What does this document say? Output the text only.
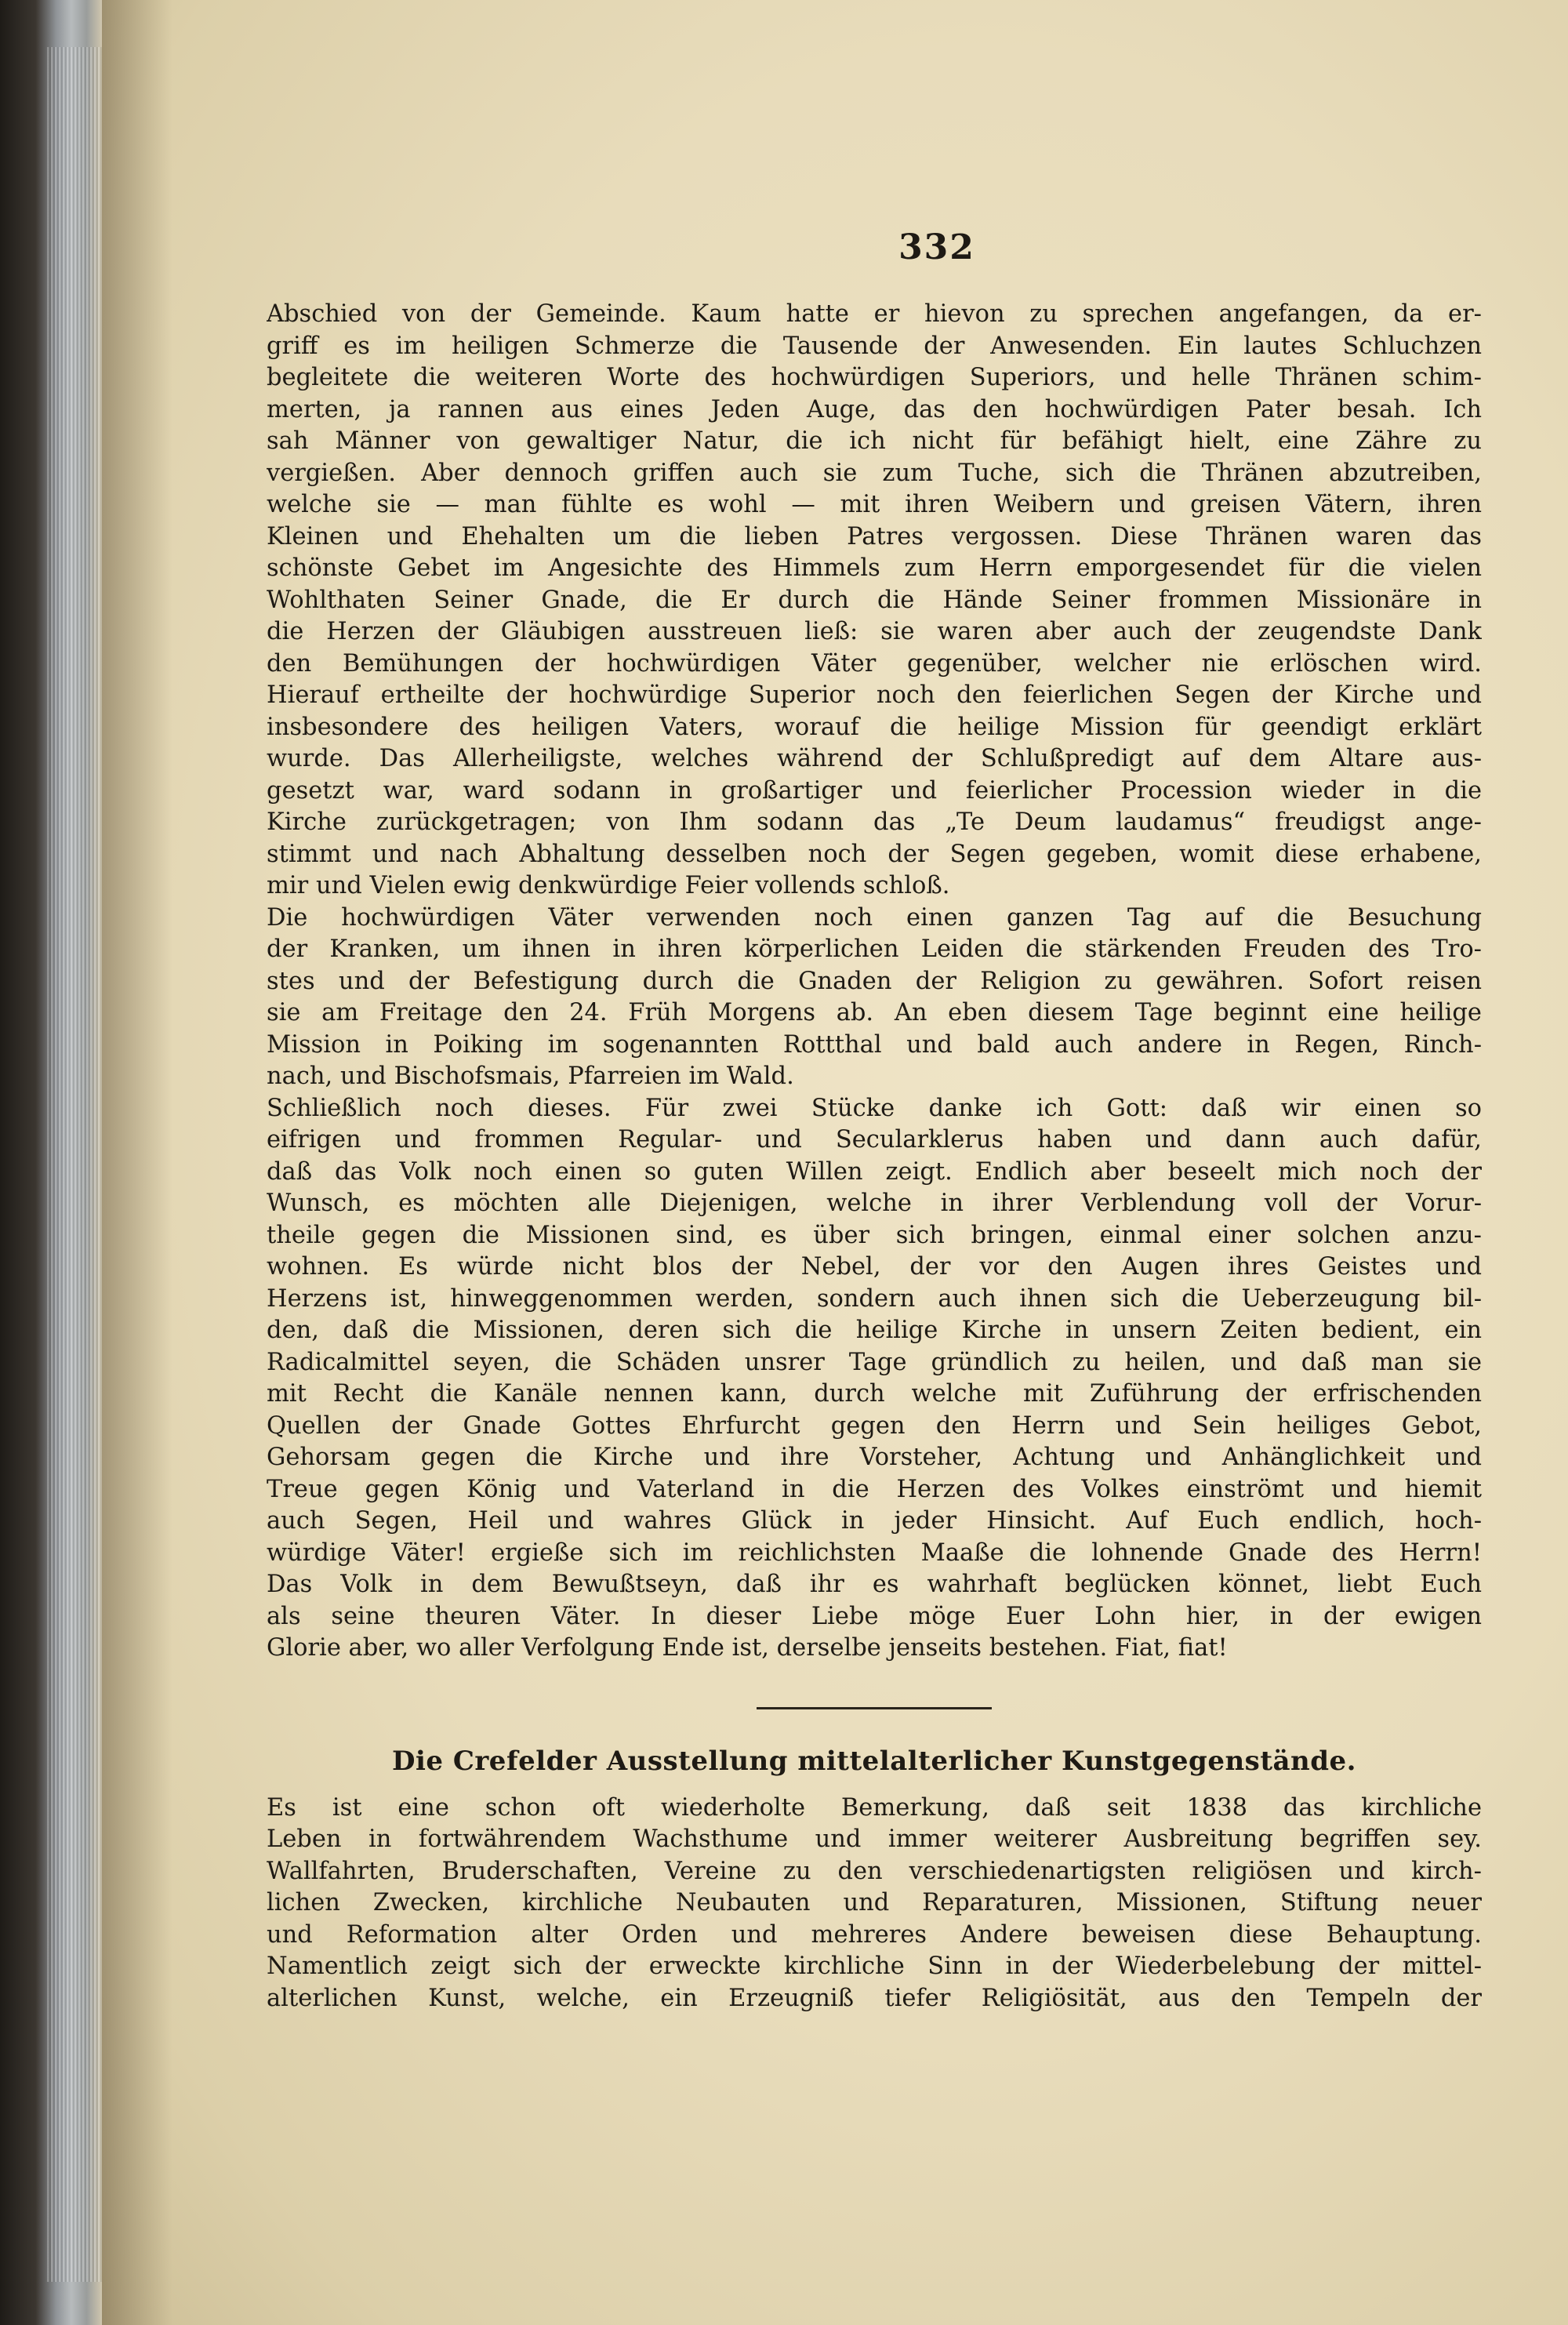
332
Abschied von der Gemeinde. Kaum hatte er hievon zu sprechen angefangen, da er-
griff es im heiligen Schmerze die Tausende der Anwesenden. Ein lautes Schluchzen
begleitete die weiteren Worte des hochwürdigen Superiors, und helle Thränen schim-
merten, ja rannen aus eines Jeden Auge, das den hochwürdigen Pater besah. Ich
sah Männer von gewaltiger Natur, die ich nicht für befähigt hielt, eine Zähre zu
vergießen. Aber dennoch griffen auch sie zum Tuche, sich die Thränen abzutreiben,
welche sie — man fühlte es wohl — mit ihren Weibern und greisen Vätern, ihren
Kleinen und Ehehalten um die lieben Patres vergossen. Diese Thränen waren das
schönste Gebet im Angesichte des Himmels zum Herrn emporgesendet für die vielen
Wohlthaten Seiner Gnade, die Er durch die Hände Seiner frommen Missionäre in
die Herzen der Gläubigen ausstreuen ließ: sie waren aber auch der zeugendste Dank
den Bemühungen der hochwürdigen Väter gegenüber, welcher nie erlöschen wird.
Hierauf ertheilte der hochwürdige Superior noch den feierlichen Segen der Kirche und
insbesondere des heiligen Vaters, worauf die heilige Mission für geendigt erklärt
wurde. Das Allerheiligste, welches während der Schlußpredigt auf dem Altare aus-
gesetzt war, ward sodann in großartiger und feierlicher Procession wieder in die
Kirche zurückgetragen; von Ihm sodann das „Te Deum laudamus“ freudigst ange-
stimmt und nach Abhaltung desselben noch der Segen gegeben, womit diese erhabene,
mir und Vielen ewig denkwürdige Feier vollends schloß.
Die hochwürdigen Väter verwenden noch einen ganzen Tag auf die Besuchung
der Kranken, um ihnen in ihren körperlichen Leiden die stärkenden Freuden des Tro-
stes und der Befestigung durch die Gnaden der Religion zu gewähren. Sofort reisen
sie am Freitage den 24. Früh Morgens ab. An eben diesem Tage beginnt eine heilige
Mission in Poiking im sogenannten Rottthal und bald auch andere in Regen, Rinch-
nach, und Bischofsmais, Pfarreien im Wald.
Schließlich noch dieses. Für zwei Stücke danke ich Gott: daß wir einen so
eifrigen und frommen Regular- und Secularklerus haben und dann auch dafür,
daß das Volk noch einen so guten Willen zeigt. Endlich aber beseelt mich noch der
Wunsch, es möchten alle Diejenigen, welche in ihrer Verblendung voll der Vorur-
theile gegen die Missionen sind, es über sich bringen, einmal einer solchen anzu-
wohnen. Es würde nicht blos der Nebel, der vor den Augen ihres Geistes und
Herzens ist, hinweggenommen werden, sondern auch ihnen sich die Ueberzeugung bil-
den, daß die Missionen, deren sich die heilige Kirche in unsern Zeiten bedient, ein
Radicalmittel seyen, die Schäden unsrer Tage gründlich zu heilen, und daß man sie
mit Recht die Kanäle nennen kann, durch welche mit Zuführung der erfrischenden
Quellen der Gnade Gottes Ehrfurcht gegen den Herrn und Sein heiliges Gebot,
Gehorsam gegen die Kirche und ihre Vorsteher, Achtung und Anhänglichkeit und
Treue gegen König und Vaterland in die Herzen des Volkes einströmt und hiemit
auch Segen, Heil und wahres Glück in jeder Hinsicht. Auf Euch endlich, hoch-
würdige Väter! ergieße sich im reichlichsten Maaße die lohnende Gnade des Herrn!
Das Volk in dem Bewußtseyn, daß ihr es wahrhaft beglücken könnet, liebt Euch
als seine theuren Väter. In dieser Liebe möge Euer Lohn hier, in der ewigen
Glorie aber, wo aller Verfolgung Ende ist, derselbe jenseits bestehen. Fiat, fiat!
Die Crefelder Ausstellung mittelalterlicher Kunstgegenstände.
Es ist eine schon oft wiederholte Bemerkung, daß seit 1838 das kirchliche
Leben in fortwährendem Wachsthume und immer weiterer Ausbreitung begriffen sey.
Wallfahrten, Bruderschaften, Vereine zu den verschiedenartigsten religiösen und kirch-
lichen Zwecken, kirchliche Neubauten und Reparaturen, Missionen, Stiftung neuer
und Reformation alter Orden und mehreres Andere beweisen diese Behauptung.
Namentlich zeigt sich der erweckte kirchliche Sinn in der Wiederbelebung der mittel-
alterlichen Kunst, welche, ein Erzeugniß tiefer Religiösität, aus den Tempeln der
